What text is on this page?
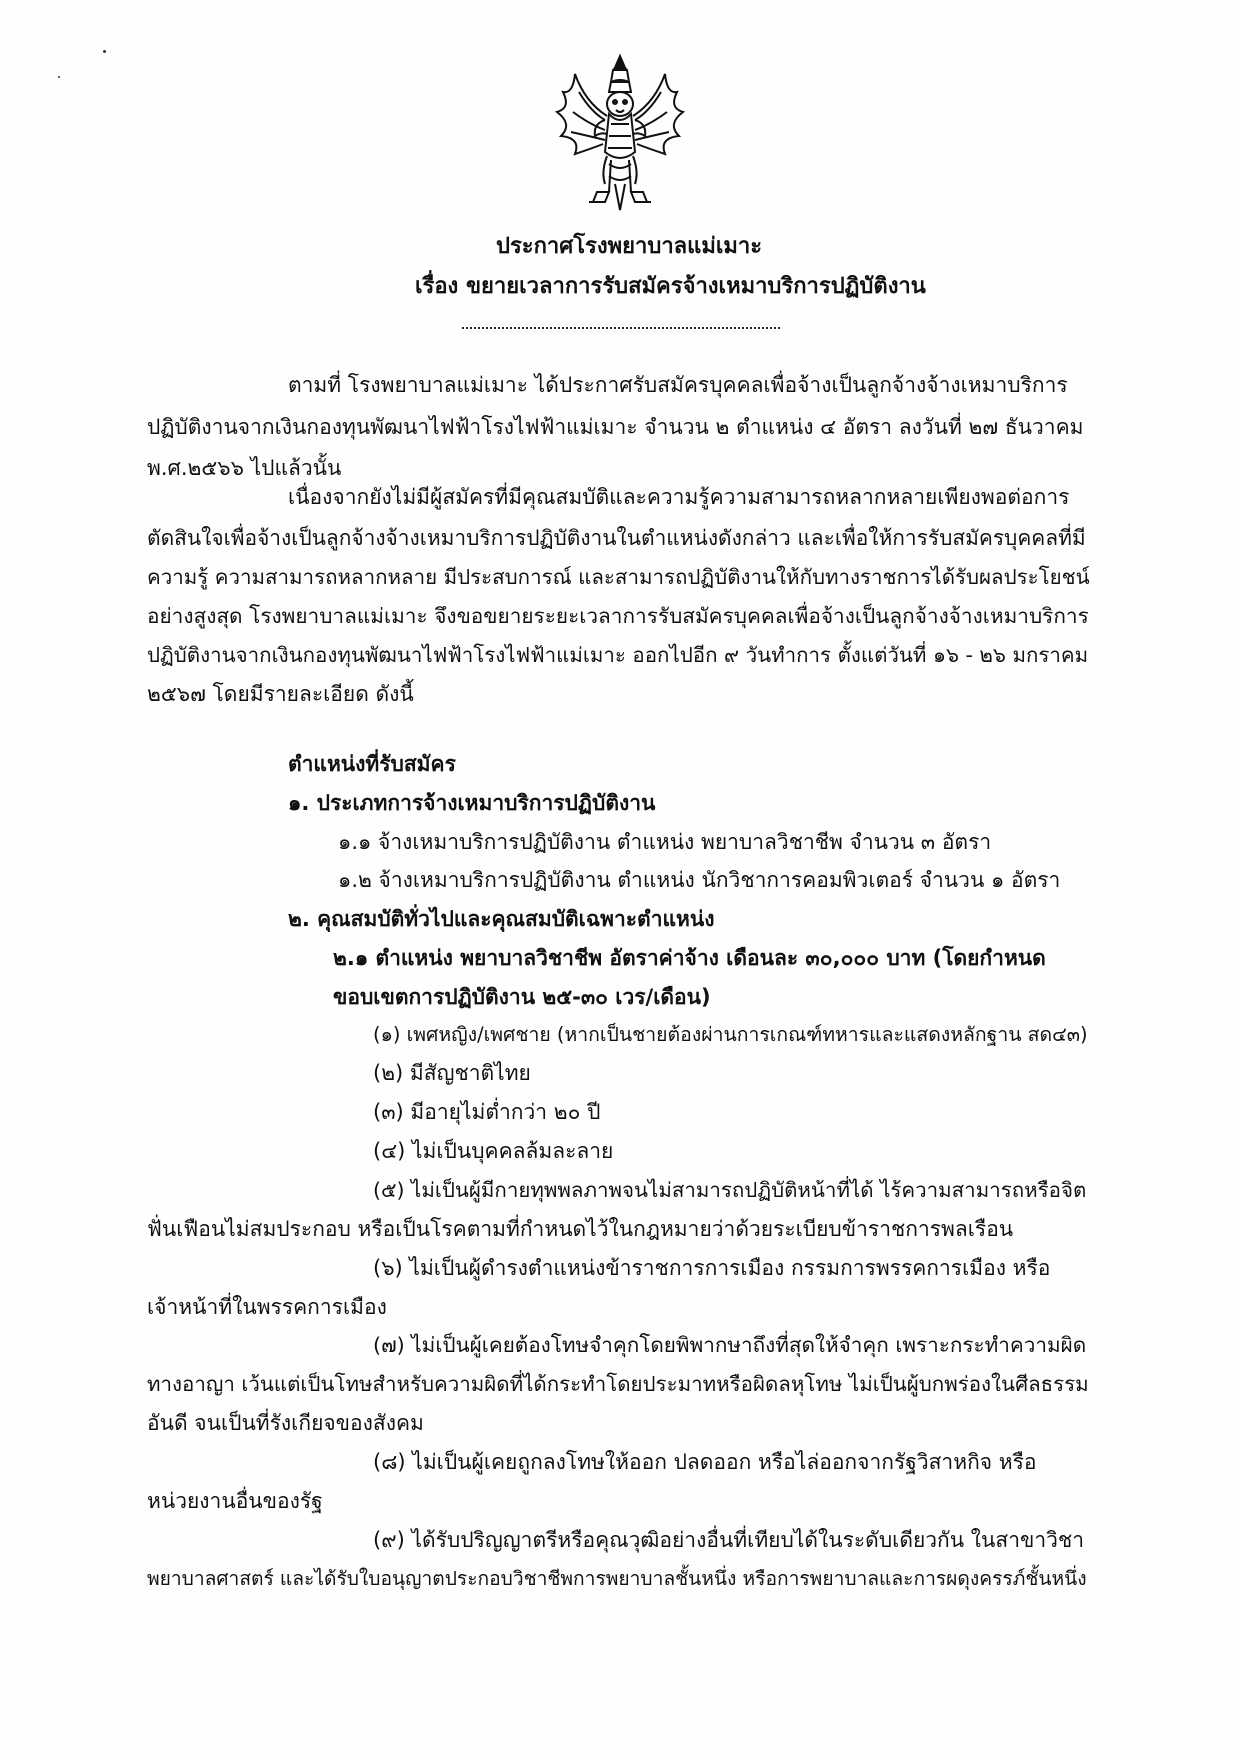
ประกาศโรงพยาบาลแม่เมาะ
เรื่อง ขยายเวลาการรับสมัครจ้างเหมาบริการปฏิบัติงาน
ตามที่ โรงพยาบาลแม่เมาะ ได้ประกาศรับสมัครบุคคลเพื่อจ้างเป็นลูกจ้างจ้างเหมาบริการ
ปฏิบัติงานจากเงินกองทุนพัฒนาไฟฟ้าโรงไฟฟ้าแม่เมาะ จำนวน ๒ ตำแหน่ง ๔ อัตรา ลงวันที่ ๒๗ ธันวาคม
พ.ศ.๒๕๖๖ ไปแล้วนั้น
เนื่องจากยังไม่มีผู้สมัครที่มีคุณสมบัติและความรู้ความสามารถหลากหลายเพียงพอต่อการ
ตัดสินใจเพื่อจ้างเป็นลูกจ้างจ้างเหมาบริการปฏิบัติงานในตำแหน่งดังกล่าว และเพื่อให้การรับสมัครบุคคลที่มี
ความรู้ ความสามารถหลากหลาย มีประสบการณ์ และสามารถปฏิบัติงานให้กับทางราชการได้รับผลประโยชน์
อย่างสูงสุด โรงพยาบาลแม่เมาะ จึงขอขยายระยะเวลาการรับสมัครบุคคลเพื่อจ้างเป็นลูกจ้างจ้างเหมาบริการ
ปฏิบัติงานจากเงินกองทุนพัฒนาไฟฟ้าโรงไฟฟ้าแม่เมาะ ออกไปอีก ๙ วันทำการ ตั้งแต่วันที่ ๑๖ - ๒๖ มกราคม
๒๕๖๗ โดยมีรายละเอียด ดังนี้
ตำแหน่งที่รับสมัคร
๑. ประเภทการจ้างเหมาบริการปฏิบัติงาน
๑.๑ จ้างเหมาบริการปฏิบัติงาน ตำแหน่ง พยาบาลวิชาชีพ จำนวน ๓ อัตรา
๑.๒ จ้างเหมาบริการปฏิบัติงาน ตำแหน่ง นักวิชาการคอมพิวเตอร์ จำนวน ๑ อัตรา
๒. คุณสมบัติทั่วไปและคุณสมบัติเฉพาะตำแหน่ง
๒.๑ ตำแหน่ง พยาบาลวิชาชีพ อัตราค่าจ้าง เดือนละ ๓๐,๐๐๐ บาท (โดยกำหนด
ขอบเขตการปฏิบัติงาน ๒๕-๓๐ เวร/เดือน)
(๑) เพศหญิง/เพศชาย (หากเป็นชายต้องผ่านการเกณฑ์ทหารและแสดงหลักฐาน สด๔๓)
(๒) มีสัญชาติไทย
(๓) มีอายุไม่ต่ำกว่า ๒๐ ปี
(๔) ไม่เป็นบุคคลล้มละลาย
(๕) ไม่เป็นผู้มีกายทุพพลภาพจนไม่สามารถปฏิบัติหน้าที่ได้ ไร้ความสามารถหรือจิต
ฟั่นเฟือนไม่สมประกอบ หรือเป็นโรคตามที่กำหนดไว้ในกฎหมายว่าด้วยระเบียบข้าราชการพลเรือน
(๖) ไม่เป็นผู้ดำรงตำแหน่งข้าราชการการเมือง กรรมการพรรคการเมือง หรือ
เจ้าหน้าที่ในพรรคการเมือง
(๗) ไม่เป็นผู้เคยต้องโทษจำคุกโดยพิพากษาถึงที่สุดให้จำคุก เพราะกระทำความผิด
ทางอาญา เว้นแต่เป็นโทษสำหรับความผิดที่ได้กระทำโดยประมาทหรือผิดลหุโทษ ไม่เป็นผู้บกพร่องในศีลธรรม
อันดี จนเป็นที่รังเกียจของสังคม
(๘) ไม่เป็นผู้เคยถูกลงโทษให้ออก ปลดออก หรือไล่ออกจากรัฐวิสาหกิจ หรือ
หน่วยงานอื่นของรัฐ
(๙) ได้รับปริญญาตรีหรือคุณวุฒิอย่างอื่นที่เทียบได้ในระดับเดียวกัน ในสาขาวิชา
พยาบาลศาสตร์ และได้รับใบอนุญาตประกอบวิชาชีพการพยาบาลชั้นหนึ่ง หรือการพยาบาลและการผดุงครรภ์ชั้นหนึ่ง
